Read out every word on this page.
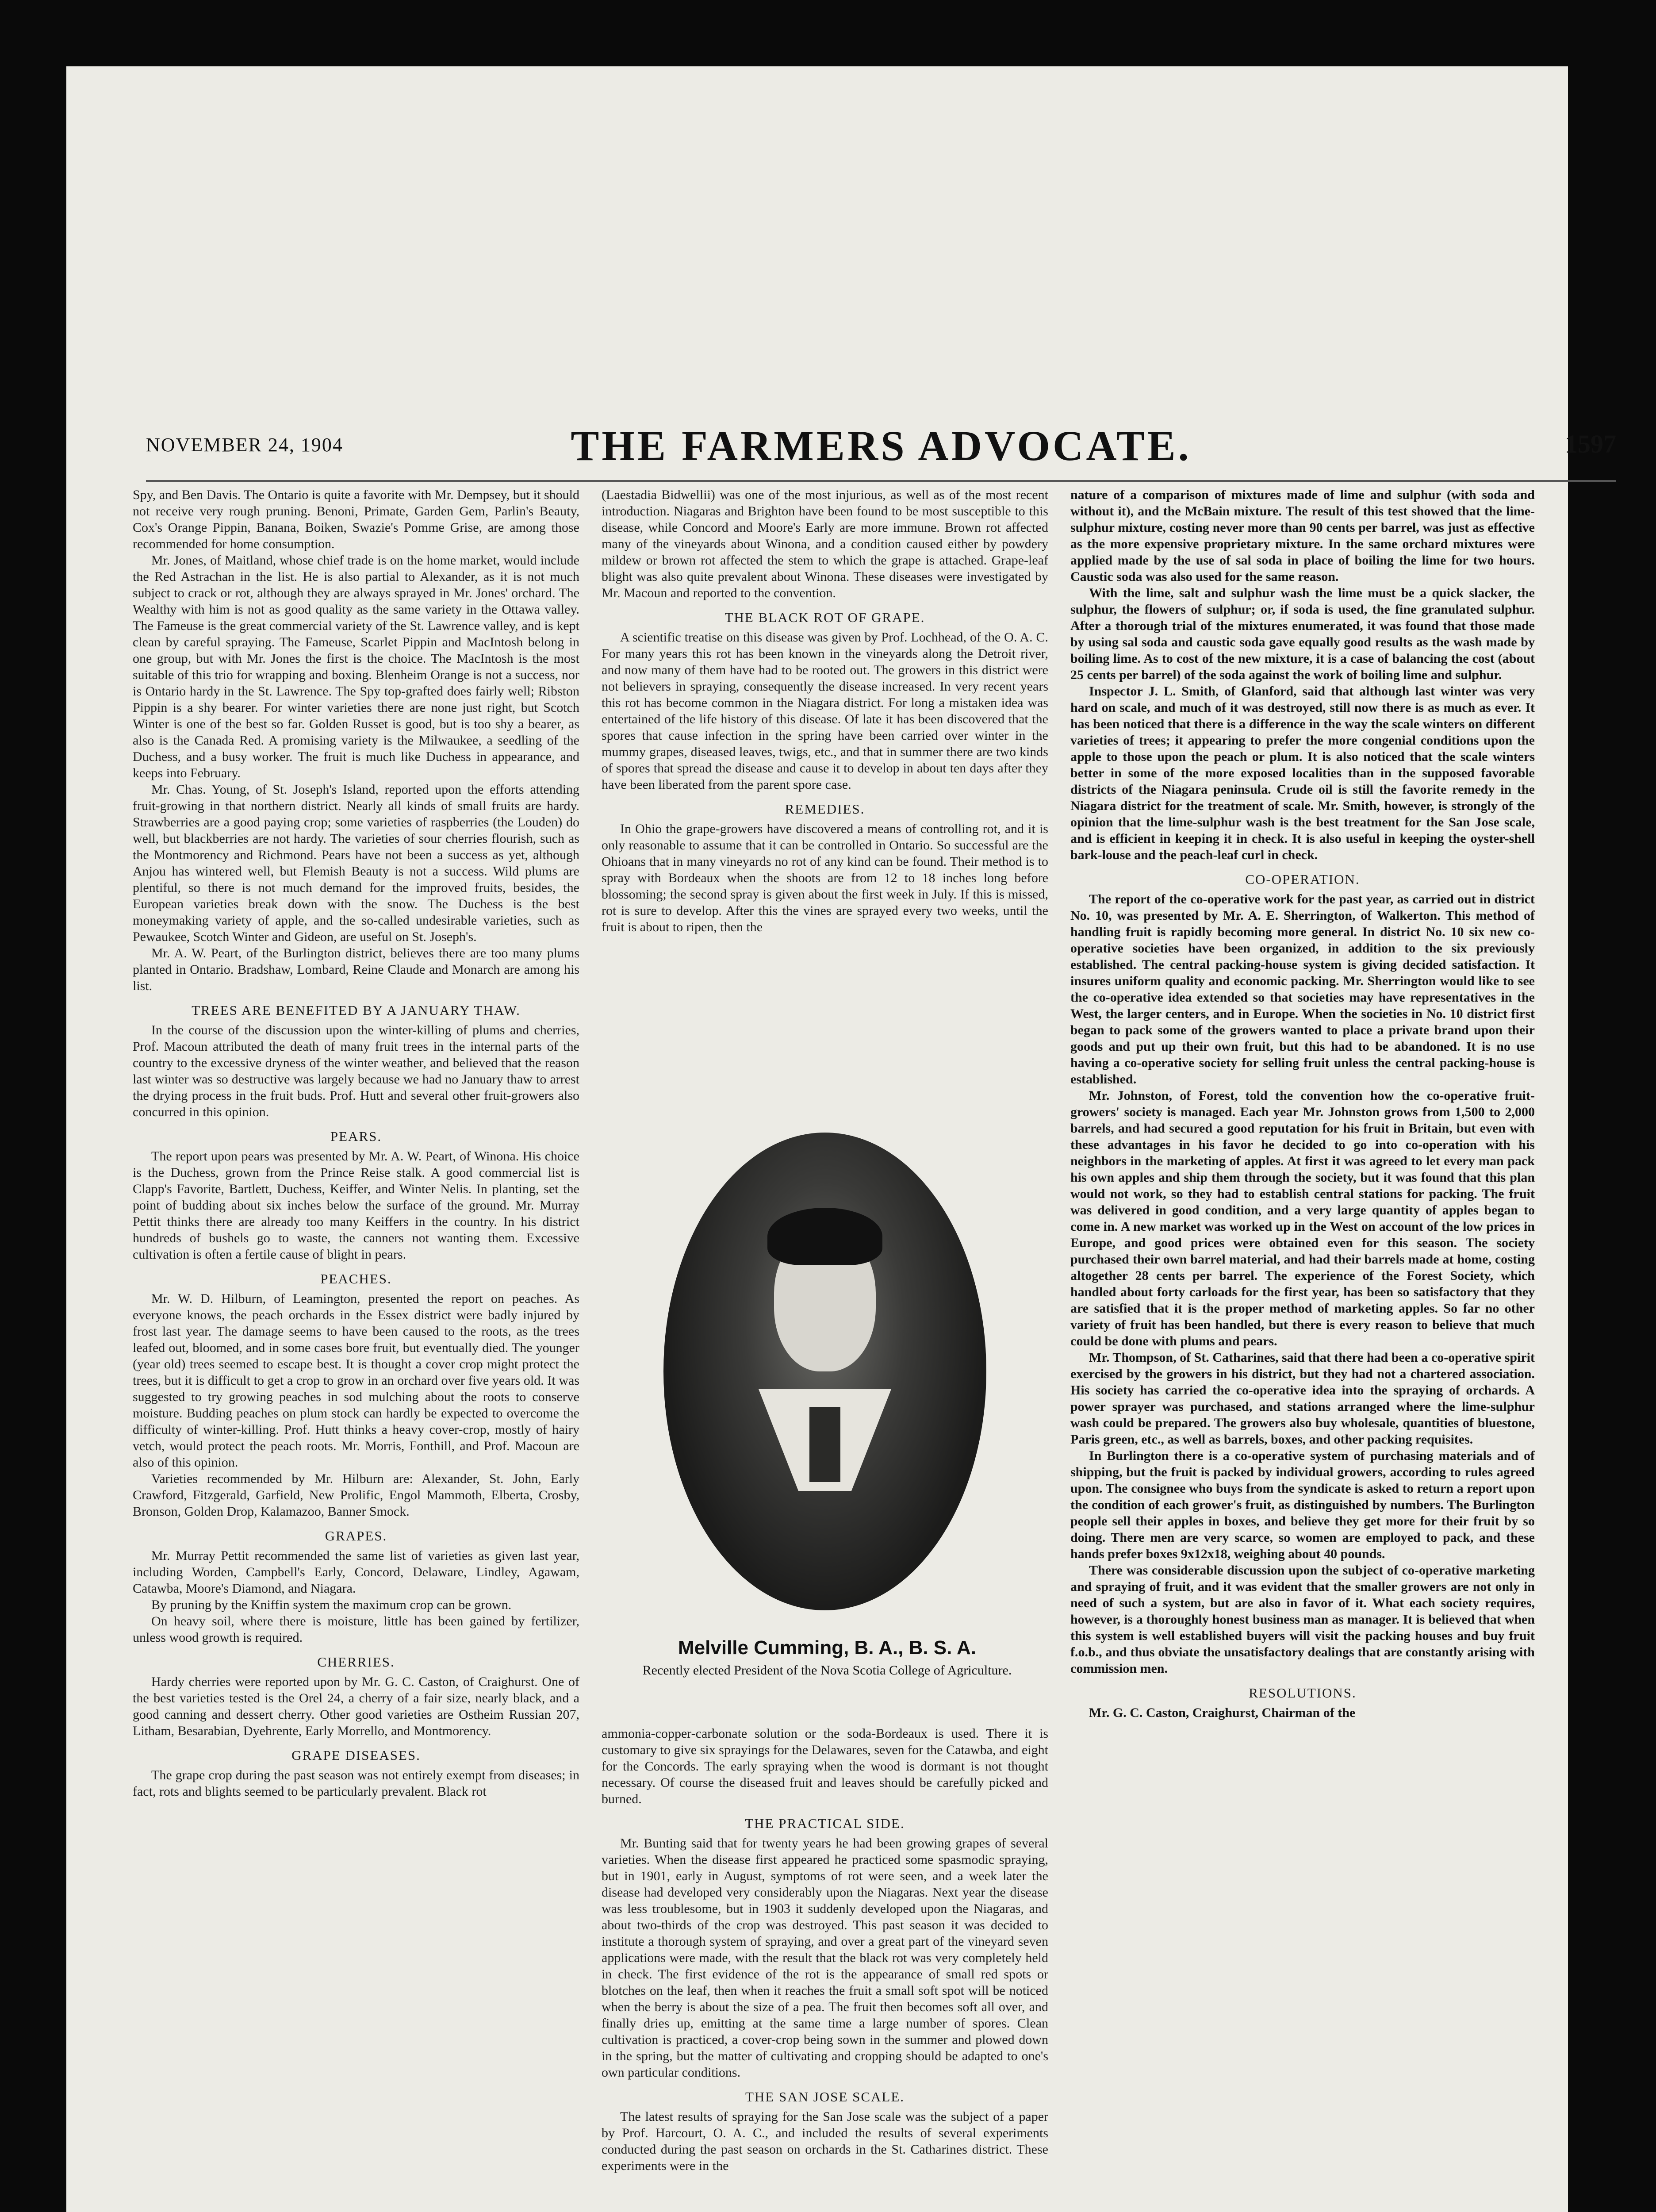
NOVEMBER 24, 1904	THE FARMERS ADVOCATE.	1597

Spy, and Ben Davis. The Ontario is quite a favorite with Mr. Dempsey, but it should not receive very rough pruning. Benoni, Primate, Garden Gem, Parlin's Beauty, Cox's Orange Pippin, Banana, Boiken, Swazie's Pomme Grise, are among those recommended for home consumption.

Mr. Jones, of Maitland, whose chief trade is on the home market, would include the Red Astrachan in the list. He is also partial to Alexander, as it is not much subject to crack or rot, although they are always sprayed in Mr. Jones' orchard. The Wealthy with him is not as good quality as the same variety in the Ottawa valley. The Fameuse is the great commercial variety of the St. Lawrence valley, and is kept clean by careful spraying. The Fameuse, Scarlet Pippin and MacIntosh belong in one group, but with Mr. Jones the first is the choice. The MacIntosh is the most suitable of this trio for wrapping and boxing. Blenheim Orange is not a success, nor is Ontario hardy in the St. Lawrence. The Spy top-grafted does fairly well; Ribston Pippin is a shy bearer. For winter varieties there are none just right, but Scotch Winter is one of the best so far. Golden Russet is good, but is too shy a bearer, as also is the Canada Red. A promising variety is the Milwaukee, a seedling of the Duchess, and a busy worker. The fruit is much like Duchess in appearance, and keeps into February.

Mr. Chas. Young, of St. Joseph's Island, reported upon the efforts attending fruit-growing in that northern district. Nearly all kinds of small fruits are hardy. Strawberries are a good paying crop; some varieties of raspberries (the Louden) do well, but blackberries are not hardy. The varieties of sour cherries flourish, such as the Montmorency and Richmond. Pears have not been a success as yet, although Anjou has wintered well, but Flemish Beauty is not a success. Wild plums are plentiful, so there is not much demand for the improved fruits, besides, the European varieties break down with the snow. The Duchess is the best moneymaking variety of apple, and the so-called undesirable varieties, such as Pewaukee, Scotch Winter and Gideon, are useful on St. Joseph's.

Mr. A. W. Peart, of the Burlington district, believes there are too many plums planted in Ontario. Bradshaw, Lombard, Reine Claude and Monarch are among his list.

TREES ARE BENEFITED BY A JANUARY THAW.

In the course of the discussion upon the winter-killing of plums and cherries, Prof. Macoun attributed the death of many fruit trees in the internal parts of the country to the excessive dryness of the winter weather, and believed that the reason last winter was so destructive was largely because we had no January thaw to arrest the drying process in the fruit buds. Prof. Hutt and several other fruit-growers also concurred in this opinion.

PEARS.

The report upon pears was presented by Mr. A. W. Peart, of Winona. His choice is the Duchess, grown from the Prince Reise stalk. A good commercial list is Clapp's Favorite, Bartlett, Duchess, Keiffer, and Winter Nelis. In planting, set the point of budding about six inches below the surface of the ground. Mr. Murray Pettit thinks there are already too many Keiffers in the country. In his district hundreds of bushels go to waste, the canners not wanting them. Excessive cultivation is often a fertile cause of blight in pears.

PEACHES.

Mr. W. D. Hilburn, of Leamington, presented the report on peaches. As everyone knows, the peach orchards in the Essex district were badly injured by frost last year. The damage seems to have been caused to the roots, as the trees leafed out, bloomed, and in some cases bore fruit, but eventually died. The younger (year old) trees seemed to escape best. It is thought a cover crop might protect the trees, but it is difficult to get a crop to grow in an orchard over five years old. It was suggested to try growing peaches in sod mulching about the roots to conserve moisture. Budding peaches on plum stock can hardly be expected to overcome the difficulty of winter-killing. Prof. Hutt thinks a heavy cover-crop, mostly of hairy vetch, would protect the peach roots. Mr. Morris, Fonthill, and Prof. Macoun are also of this opinion.

Varieties recommended by Mr. Hilburn are: Alexander, St. John, Early Crawford, Fitzgerald, Garfield, New Prolific, Engol Mammoth, Elberta, Crosby, Bronson, Golden Drop, Kalamazoo, Banner Smock.

GRAPES.

Mr. Murray Pettit recommended the same list of varieties as given last year, including Worden, Campbell's Early, Concord, Delaware, Lindley, Agawam, Catawba, Moore's Diamond, and Niagara.

By pruning by the Kniffin system the maximum crop can be grown.

On heavy soil, where there is moisture, little has been gained by fertilizer, unless wood growth is required.

CHERRIES.

Hardy cherries were reported upon by Mr. G. C. Caston, of Craighurst. One of the best varieties tested is the Orel 24, a cherry of a fair size, nearly black, and a good canning and dessert cherry. Other good varieties are Ostheim Russian 207, Litham, Besarabian, Dyehrente, Early Morrello, and Montmorency.

GRAPE DISEASES.

The grape crop during the past season was not entirely exempt from diseases; in fact, rots and blights seemed to be particularly prevalent. Black rot

(Laestadia Bidwellii) was one of the most injurious, as well as of the most recent introduction. Niagaras and Brighton have been found to be most susceptible to this disease, while Concord and Moore's Early are more immune. Brown rot affected many of the vineyards about Winona, and a condition caused either by powdery mildew or brown rot affected the stem to which the grape is attached. Grape-leaf blight was also quite prevalent about Winona. These diseases were investigated by Mr. Macoun and reported to the convention.

THE BLACK ROT OF GRAPE.

A scientific treatise on this disease was given by Prof. Lochhead, of the O. A. C. For many years this rot has been known in the vineyards along the Detroit river, and now many of them have had to be rooted out. The growers in this district were not believers in spraying, consequently the disease increased. In very recent years this rot has become common in the Niagara district. For long a mistaken idea was entertained of the life history of this disease. Of late it has been discovered that the spores that cause infection in the spring have been carried over winter in the mummy grapes, diseased leaves, twigs, etc., and that in summer there are two kinds of spores that spread the disease and cause it to develop in about ten days after they have been liberated from the parent spore case.

REMEDIES.

In Ohio the grape-growers have discovered a means of controlling rot, and it is only reasonable to assume that it can be controlled in Ontario. So successful are the Ohioans that in many vineyards no rot of any kind can be found. Their method is to spray with Bordeaux when the shoots are from 12 to 18 inches long before blossoming; the second spray is given about the first week in July. If this is missed, rot is sure to develop. After this the vines are sprayed every two weeks, until the fruit is about to ripen, then the

Melville Cumming, B. A., B. S. A.
Recently elected President of the Nova Scotia College of Agriculture.

ammonia-copper-carbonate solution or the soda-Bordeaux is used. There it is customary to give six sprayings for the Delawares, seven for the Catawba, and eight for the Concords. The early spraying when the wood is dormant is not thought necessary. Of course the diseased fruit and leaves should be carefully picked and burned.

THE PRACTICAL SIDE.

Mr. Bunting said that for twenty years he had been growing grapes of several varieties. When the disease first appeared he practiced some spasmodic spraying, but in 1901, early in August, symptoms of rot were seen, and a week later the disease had developed very considerably upon the Niagaras. Next year the disease was less troublesome, but in 1903 it suddenly developed upon the Niagaras, and about two-thirds of the crop was destroyed. This past season it was decided to institute a thorough system of spraying, and over a great part of the vineyard seven applications were made, with the result that the black rot was very completely held in check. The first evidence of the rot is the appearance of small red spots or blotches on the leaf, then when it reaches the fruit a small soft spot will be noticed when the berry is about the size of a pea. The fruit then becomes soft all over, and finally dries up, emitting at the same time a large number of spores. Clean cultivation is practiced, a cover-crop being sown in the summer and plowed down in the spring, but the matter of cultivating and cropping should be adapted to one's own particular conditions.

THE SAN JOSE SCALE.

The latest results of spraying for the San Jose scale was the subject of a paper by Prof. Harcourt, O. A. C., and included the results of several experiments conducted during the past season on orchards in the St. Catharines district. These experiments were in the

nature of a comparison of mixtures made of lime and sulphur (with soda and without it), and the McBain mixture. The result of this test showed that the lime-sulphur mixture, costing never more than 90 cents per barrel, was just as effective as the more expensive proprietary mixture. In the same orchard mixtures were applied made by the use of sal soda in place of boiling the lime for two hours. Caustic soda was also used for the same reason.

With the lime, salt and sulphur wash the lime must be a quick slacker, the sulphur, the flowers of sulphur; or, if soda is used, the fine granulated sulphur. After a thorough trial of the mixtures enumerated, it was found that those made by using sal soda and caustic soda gave equally good results as the wash made by boiling lime. As to cost of the new mixture, it is a case of balancing the cost (about 25 cents per barrel) of the soda against the work of boiling lime and sulphur.

Inspector J. L. Smith, of Glanford, said that although last winter was very hard on scale, and much of it was destroyed, still now there is as much as ever. It has been noticed that there is a difference in the way the scale winters on different varieties of trees; it appearing to prefer the more congenial conditions upon the apple to those upon the peach or plum. It is also noticed that the scale winters better in some of the more exposed localities than in the supposed favorable districts of the Niagara peninsula. Crude oil is still the favorite remedy in the Niagara district for the treatment of scale. Mr. Smith, however, is strongly of the opinion that the lime-sulphur wash is the best treatment for the San Jose scale, and is efficient in keeping it in check. It is also useful in keeping the oyster-shell bark-louse and the peach-leaf curl in check.

CO-OPERATION.

The report of the co-operative work for the past year, as carried out in district No. 10, was presented by Mr. A. E. Sherrington, of Walkerton. This method of handling fruit is rapidly becoming more general. In district No. 10 six new co-operative societies have been organized, in addition to the six previously established. The central packing-house system is giving decided satisfaction. It insures uniform quality and economic packing. Mr. Sherrington would like to see the co-operative idea extended so that societies may have representatives in the West, the larger centers, and in Europe. When the societies in No. 10 district first began to pack some of the growers wanted to place a private brand upon their goods and put up their own fruit, but this had to be abandoned. It is no use having a co-operative society for selling fruit unless the central packing-house is established.

Mr. Johnston, of Forest, told the convention how the co-operative fruit-growers' society is managed. Each year Mr. Johnston grows from 1,500 to 2,000 barrels, and had secured a good reputation for his fruit in Britain, but even with these advantages in his favor he decided to go into co-operation with his neighbors in the marketing of apples. At first it was agreed to let every man pack his own apples and ship them through the society, but it was found that this plan would not work, so they had to establish central stations for packing. The fruit was delivered in good condition, and a very large quantity of apples began to come in. A new market was worked up in the West on account of the low prices in Europe, and good prices were obtained even for this season. The society purchased their own barrel material, and had their barrels made at home, costing altogether 28 cents per barrel. The experience of the Forest Society, which handled about forty carloads for the first year, has been so satisfactory that they are satisfied that it is the proper method of marketing apples. So far no other variety of fruit has been handled, but there is every reason to believe that much could be done with plums and pears.

Mr. Thompson, of St. Catharines, said that there had been a co-operative spirit exercised by the growers in his district, but they had not a chartered association. His society has carried the co-operative idea into the spraying of orchards. A power sprayer was purchased, and stations arranged where the lime-sulphur wash could be prepared. The growers also buy wholesale, quantities of bluestone, Paris green, etc., as well as barrels, boxes, and other packing requisites.

In Burlington there is a co-operative system of purchasing materials and of shipping, but the fruit is packed by individual growers, according to rules agreed upon. The consignee who buys from the syndicate is asked to return a report upon the condition of each grower's fruit, as distinguished by numbers. The Burlington people sell their apples in boxes, and believe they get more for their fruit by so doing. There men are very scarce, so women are employed to pack, and these hands prefer boxes 9x12x18, weighing about 40 pounds.

There was considerable discussion upon the subject of co-operative marketing and spraying of fruit, and it was evident that the smaller growers are not only in need of such a system, but are also in favor of it. What each society requires, however, is a thoroughly honest business man as manager. It is believed that when this system is well established buyers will visit the packing houses and buy fruit f.o.b., and thus obviate the unsatisfactory dealings that are constantly arising with commission men.

RESOLUTIONS.

Mr. G. C. Caston, Craighurst, Chairman of the
